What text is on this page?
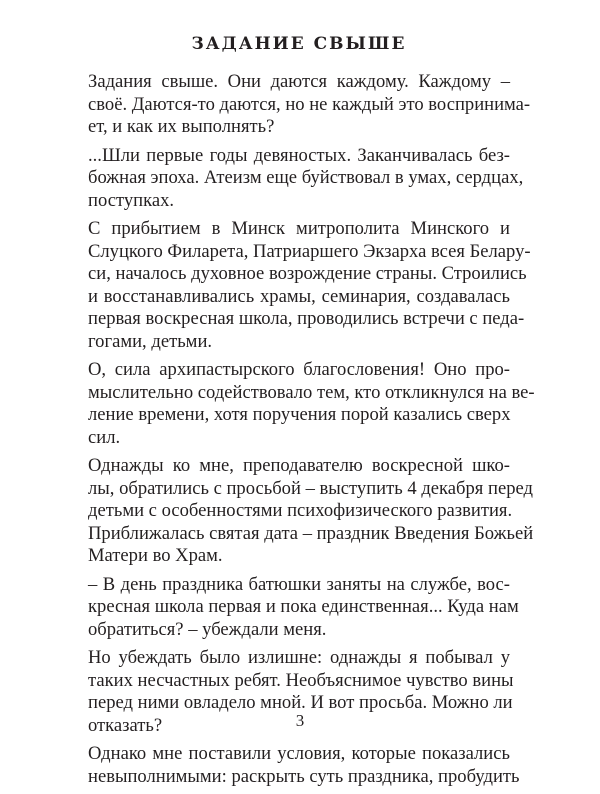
ЗАДАНИЕ СВЫШЕ
Задания свыше. Они даются каждому. Каждому –
своё. Даются-то даются, но не каждый это воспринима-
ет, и как их выполнять?
...Шли первые годы девяностых. Заканчивалась без-
божная эпоха. Атеизм еще буйствовал в умах, сердцах,
поступках.
С прибытием в Минск митрополита Минского и
Слуцкого Филарета, Патриаршего Экзарха всея Белару-
си, началось духовное возрождение страны. Строились
и восстанавливались храмы, семинария, создавалась
первая воскресная школа, проводились встречи с педа-
гогами, детьми.
О, сила архипастырского благословения! Оно про-
мыслительно содействовало тем, кто откликнулся на ве-
ление времени, хотя поручения порой казались сверх
сил.
Однажды ко мне, преподавателю воскресной шко-
лы, обратились с просьбой – выступить 4 декабря перед
детьми с особенностями психофизического развития.
Приближалась святая дата – праздник Введения Божьей
Матери во Храм.
– В день праздника батюшки заняты на службе, вос-
кресная школа первая и пока единственная... Куда нам
обратиться? – убеждали меня.
Но убеждать было излишне: однажды я побывал у
таких несчастных ребят. Необъяснимое чувство вины
перед ними овладело мной. И вот просьба. Можно ли
отказать?
Однако мне поставили условия, которые показались
невыполнимыми: раскрыть суть праздника, пробудить
3
